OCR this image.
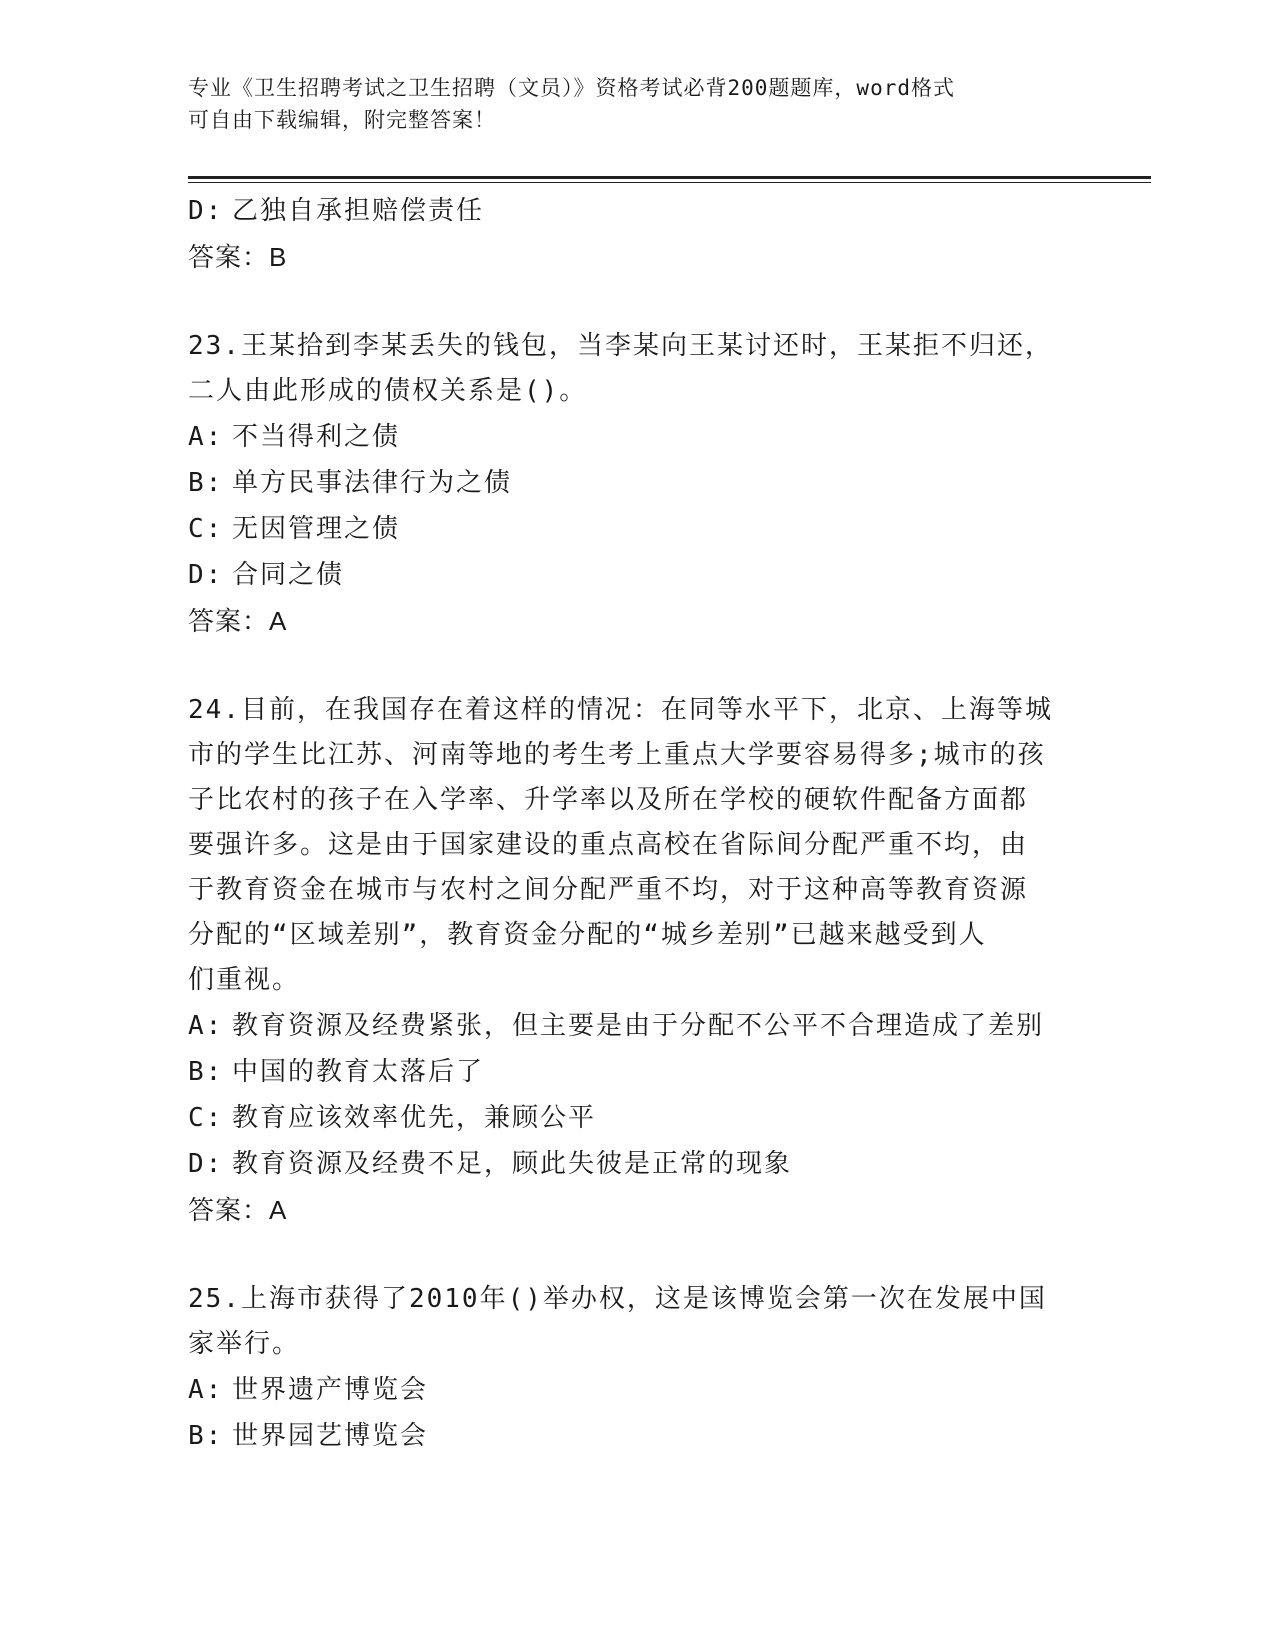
专业《卫生招聘考试之卫生招聘（文员）》资格考试必背200题题库，word格式
可自由下载编辑，附完整答案！
D: 乙独自承担赔偿责任
答案：B
23.王某拾到李某丢失的钱包，当李某向王某讨还时，王某拒不归还，
二人由此形成的债权关系是()。
A: 不当得利之债
B: 单方民事法律行为之债
C: 无因管理之债
D: 合同之债
答案：A
24.目前，在我国存在着这样的情况：在同等水平下，北京、上海等城
市的学生比江苏、河南等地的考生考上重点大学要容易得多;城市的孩
子比农村的孩子在入学率、升学率以及所在学校的硬软件配备方面都
要强许多。这是由于国家建设的重点高校在省际间分配严重不均，由
于教育资金在城市与农村之间分配严重不均，对于这种高等教育资源
分配的“区域差别”，教育资金分配的“城乡差别”已越来越受到人
们重视。
A: 教育资源及经费紧张，但主要是由于分配不公平不合理造成了差别
B: 中国的教育太落后了
C: 教育应该效率优先，兼顾公平
D: 教育资源及经费不足，顾此失彼是正常的现象
答案：A
25.上海市获得了2010年()举办权，这是该博览会第一次在发展中国
家举行。
A: 世界遗产博览会
B: 世界园艺博览会
